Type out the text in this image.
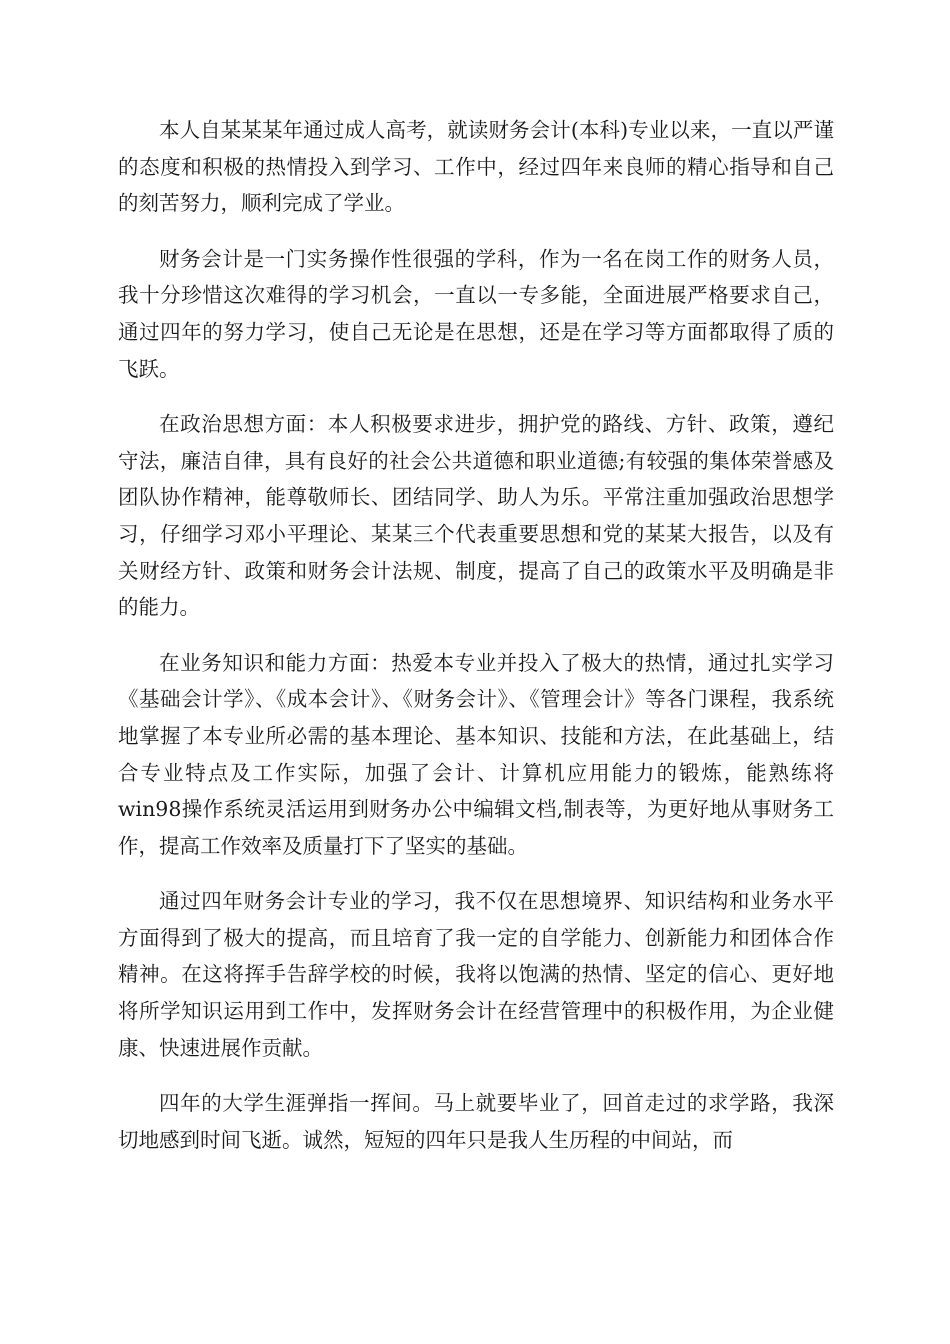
本人自某某某年通过成人高考，就读财务会计(本科)专业以来，一直以严谨的态度和积极的热情投入到学习、工作中，经过四年来良师的精心指导和自己的刻苦努力，顺利完成了学业。

财务会计是一门实务操作性很强的学科，作为一名在岗工作的财务人员，我十分珍惜这次难得的学习机会，一直以一专多能，全面进展严格要求自己，通过四年的努力学习，使自己无论是在思想，还是在学习等方面都取得了质的飞跃。

在政治思想方面：本人积极要求进步，拥护党的路线、方针、政策，遵纪守法，廉洁自律，具有良好的社会公共道德和职业道德;有较强的集体荣誉感及团队协作精神，能尊敬师长、团结同学、助人为乐。平常注重加强政治思想学习，仔细学习邓小平理论、某某三个代表重要思想和党的某某大报告，以及有关财经方针、政策和财务会计法规、制度，提高了自己的政策水平及明确是非的能力。

在业务知识和能力方面：热爱本专业并投入了极大的热情，通过扎实学习《基础会计学》、《成本会计》、《财务会计》、《管理会计》等各门课程，我系统地掌握了本专业所必需的基本理论、基本知识、技能和方法，在此基础上，结合专业特点及工作实际，加强了会计、计算机应用能力的锻炼，能熟练将win98操作系统灵活运用到财务办公中编辑文档,制表等，为更好地从事财务工作，提高工作效率及质量打下了坚实的基础。

通过四年财务会计专业的学习，我不仅在思想境界、知识结构和业务水平方面得到了极大的提高，而且培育了我一定的自学能力、创新能力和团体合作精神。在这将挥手告辞学校的时候，我将以饱满的热情、坚定的信心、更好地将所学知识运用到工作中，发挥财务会计在经营管理中的积极作用，为企业健康、快速进展作贡献。

四年的大学生涯弹指一挥间。马上就要毕业了，回首走过的求学路，我深切地感到时间飞逝。诚然，短短的四年只是我人生历程的中间站，而
